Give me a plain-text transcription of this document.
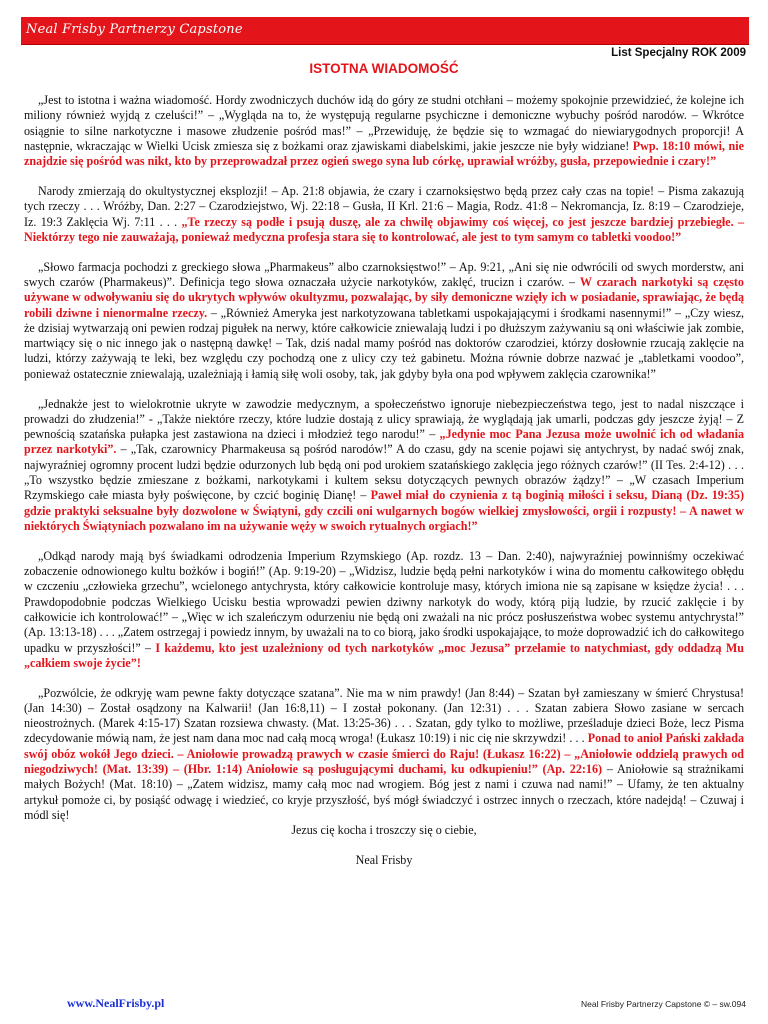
Neal Frisby Partnerzy Capstone
List Specjalny ROK 2009
ISTOTNA WIADOMOŚĆ

„Jest to istotna i ważna wiadomość. Hordy zwodniczych duchów idą do góry ze studni otchłani – możemy spokojnie przewidzieć, że kolejne ich miliony również wyjdą z czeluści!” – „Wygląda na to, że występują regularne psychiczne i demoniczne wybuchy pośród narodów. – Wkrótce osiągnie to silne narkotyczne i masowe złudzenie pośród mas!” – „Przewiduję, że będzie się to wzmagać do niewiarygodnych proporcji! A następnie, wkraczając w Wielki Ucisk zmiesza się z bożkami oraz zjawiskami diabelskimi, jakie jeszcze nie były widziane! Pwp. 18:10 mówi, nie znajdzie się pośród was nikt, kto by przeprowadzał przez ogień swego syna lub córkę, uprawiał wróżby, gusła, przepowiednie i czary!”

Narody zmierzają do okultystycznej eksplozji! – Ap. 21:8 objawia, że czary i czarnoksięstwo będą przez cały czas na topie! – Pisma zakazują tych rzeczy . . . Wróżby, Dan. 2:27 – Czarodziejstwo, Wj. 22:18 – Gusła, II Krl. 21:6 – Magia, Rodz. 41:8 – Nekromancja, Iz. 8:19 – Czarodzieje, Iz. 19:3 Zaklęcia Wj. 7:11 . . . „Te rzeczy są podłe i psują duszę, ale za chwilę objawimy coś więcej, co jest jeszcze bardziej przebiegłe. – Niektórzy tego nie zauważają, ponieważ medyczna profesja stara się to kontrolować, ale jest to tym samym co tabletki voodoo!”

„Słowo farmacja pochodzi z greckiego słowa „Pharmakeus” albo czarnoksięstwo!” – Ap. 9:21, „Ani się nie odwrócili od swych morderstw, ani swych czarów (Pharmakeus)”. Definicja tego słowa oznaczała użycie narkotyków, zaklęć, trucizn i czarów. – W czarach narkotyki są często używane w odwoływaniu się do ukrytych wpływów okultyzmu, pozwalając, by siły demoniczne wzięły ich w posiadanie, sprawiając, że będą robili dziwne i nienormalne rzeczy. – „Również Ameryka jest narkotyzowana tabletkami uspokajającymi i środkami nasennymi!” – „Czy wiesz, że dzisiaj wytwarzają oni pewien rodzaj pigułek na nerwy, które całkowicie zniewalają ludzi i po dłuższym zażywaniu są oni właściwie jak zombie, martwiący się o nic innego jak o następną dawkę! – Tak, dziś nadal mamy pośród nas doktorów czarodziei, którzy dosłownie rzucają zaklęcie na ludzi, którzy zażywają te leki, bez względu czy pochodzą one z ulicy czy też gabinetu. Można równie dobrze nazwać je „tabletkami voodoo”, ponieważ ostatecznie zniewalają, uzależniają i łamią siłę woli osoby, tak, jak gdyby była ona pod wpływem zaklęcia czarownika!”

„Jednakże jest to wielokrotnie ukryte w zawodzie medycznym, a społeczeństwo ignoruje niebezpieczeństwa tego, jest to nadal niszczące i prowadzi do złudzenia!” - „Także niektóre rzeczy, które ludzie dostają z ulicy sprawiają, że wyglądają jak umarli, podczas gdy jeszcze żyją! – Z pewnością szatańska pułapka jest zastawiona na dzieci i młodzież tego narodu!” – „Jedynie moc Pana Jezusa może uwolnić ich od władania przez narkotyki”. – „Tak, czarownicy Pharmakeusa są pośród narodów!” A do czasu, gdy na scenie pojawi się antychryst, by nadać swój znak, najwyraźniej ogromny procent ludzi będzie odurzonych lub będą oni pod urokiem szatańskiego zaklęcia jego różnych czarów!” (II Tes. 2:4-12) . . . „To wszystko będzie zmieszane z bożkami, narkotykami i kultem seksu dotyczących pewnych obrazów żądzy!” – „W czasach Imperium Rzymskiego całe miasta były poświęcone, by czcić boginię Dianę! – Paweł miał do czynienia z tą boginią miłości i seksu, Dianą (Dz. 19:35) gdzie praktyki seksualne były dozwolone w Świątyni, gdy czcili oni wulgarnych bogów wielkiej zmysłowości, orgii i rozpusty! – A nawet w niektórych Świątyniach pozwalano im na używanie węży w swoich rytualnych orgiach!”

„Odkąd narody mają byś świadkami odrodzenia Imperium Rzymskiego (Ap. rozdz. 13 – Dan. 2:40), najwyraźniej powinniśmy oczekiwać zobaczenie odnowionego kultu bożków i bogiń!” (Ap. 9:19-20) – „Widzisz, ludzie będą pełni narkotyków i wina do momentu całkowitego obłędu w czczeniu „człowieka grzechu”, wcielonego antychrysta, który całkowicie kontroluje masy, których imiona nie są zapisane w księdze życia! . . . Prawdopodobnie podczas Wielkiego Ucisku bestia wprowadzi pewien dziwny narkotyk do wody, którą piją ludzie, by rzucić zaklęcie i by całkowicie ich kontrolować!” – „Więc w ich szaleńczym odurzeniu nie będą oni zważali na nic prócz posłuszeństwa wobec systemu antychrysta!” (Ap. 13:13-18) . . . „Zatem ostrzegaj i powiedz innym, by uważali na to co biorą, jako środki uspokajające, to może doprowadzić ich do całkowitego upadku w przyszłości!” – I każdemu, kto jest uzależniony od tych narkotyków „moc Jezusa” przełamie to natychmiast, gdy oddadzą Mu „całkiem swoje życie”!

„Pozwólcie, że odkryję wam pewne fakty dotyczące szatana”. Nie ma w nim prawdy! (Jan 8:44) – Szatan był zamieszany w śmierć Chrystusa! (Jan 14:30) – Został osądzony na Kalwarii! (Jan 16:8,11) – I został pokonany. (Jan 12:31) . . . Szatan zabiera Słowo zasiane w sercach nieostrożnych. (Marek 4:15-17) Szatan rozsiewa chwasty. (Mat. 13:25-36) . . . Szatan, gdy tylko to możliwe, prześladuje dzieci Boże, lecz Pisma zdecydowanie mówią nam, że jest nam dana moc nad całą mocą wroga! (Łukasz 10:19) i nic cię nie skrzywdzi! . . . Ponad to anioł Pański zakłada swój obóz wokół Jego dzieci. – Aniołowie prowadzą prawych w czasie śmierci do Raju! (Łukasz 16:22) – „Aniołowie oddzielą prawych od niegodziwych! (Mat. 13:39) – (Hbr. 1:14) Aniołowie są posługującymi duchami, ku odkupieniu!” (Ap. 22:16) – Aniołowie są strażnikami małych Bożych! (Mat. 18:10) – „Zatem widzisz, mamy całą moc nad wrogiem. Bóg jest z nami i czuwa nad nami!” – Ufamy, że ten aktualny artykuł pomoże ci, by posiąść odwagę i wiedzieć, co kryje przyszłość, byś mógł świadczyć i ostrzec innych o rzeczach, które nadejdą! – Czuwaj i módl się!

Jezus cię kocha i troszczy się o ciebie,
Neal Frisby
www.NealFrisby.pl	Neal Frisby Partnerzy Capstone © – sw.094
